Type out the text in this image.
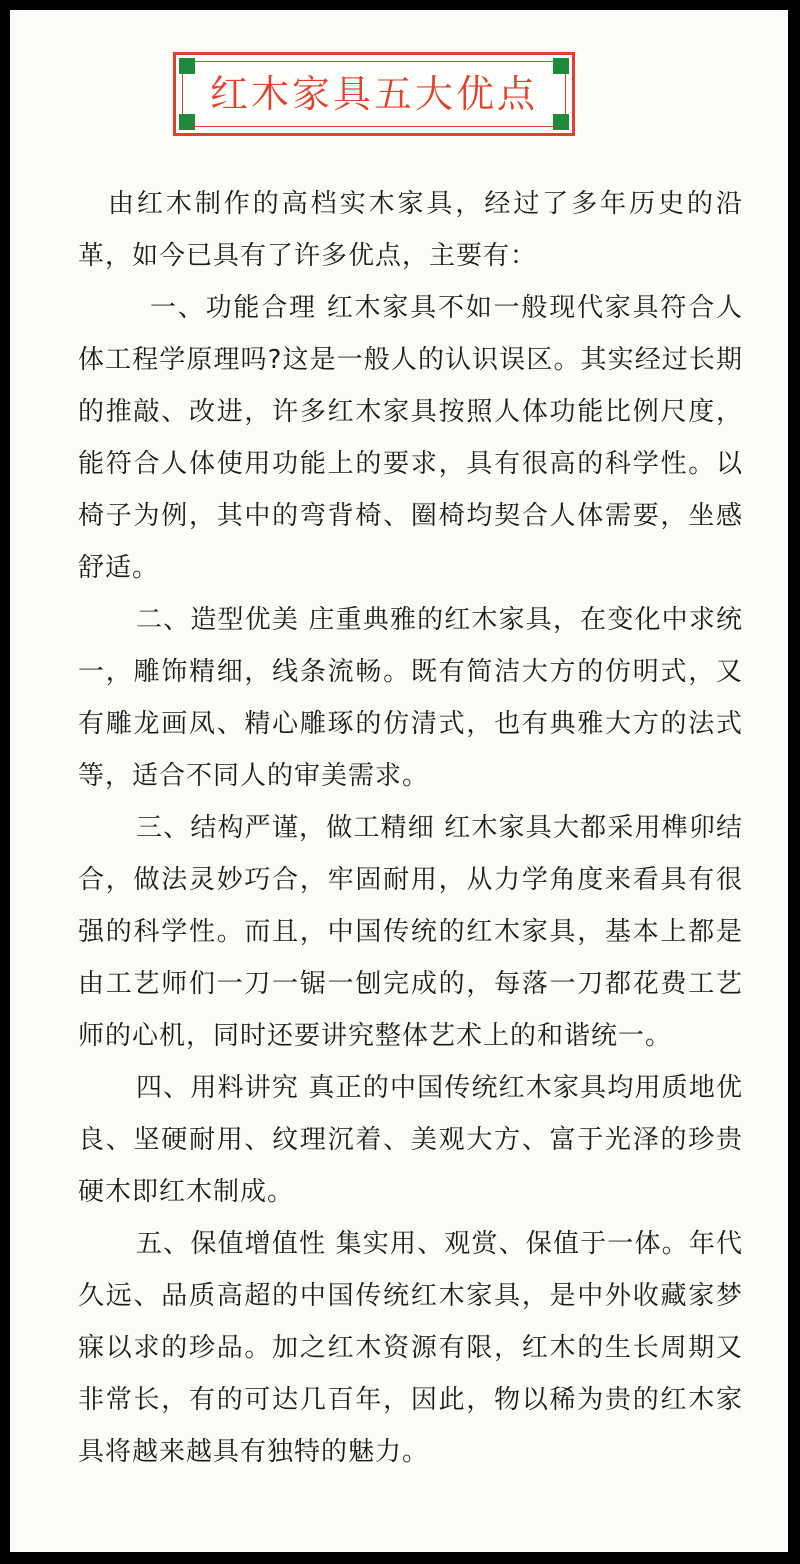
红木家具五大优点

由红木制作的高档实木家具，经过了多年历史的沿革，如今已具有了许多优点，主要有：

一、功能合理 红木家具不如一般现代家具符合人体工程学原理吗?这是一般人的认识误区。其实经过长期的推敲、改进，许多红木家具按照人体功能比例尺度，能符合人体使用功能上的要求，具有很高的科学性。以椅子为例，其中的弯背椅、圈椅均契合人体需要，坐感舒适。

二、造型优美 庄重典雅的红木家具，在变化中求统一，雕饰精细，线条流畅。既有简洁大方的仿明式，又有雕龙画凤、精心雕琢的仿清式，也有典雅大方的法式等，适合不同人的审美需求。

三、结构严谨，做工精细 红木家具大都采用榫卯结合，做法灵妙巧合，牢固耐用，从力学角度来看具有很强的科学性。而且，中国传统的红木家具，基本上都是由工艺师们一刀一锯一刨完成的，每落一刀都花费工艺师的心机，同时还要讲究整体艺术上的和谐统一。

四、用料讲究 真正的中国传统红木家具均用质地优良、坚硬耐用、纹理沉着、美观大方、富于光泽的珍贵硬木即红木制成。

五、保值增值性 集实用、观赏、保值于一体。年代久远、品质高超的中国传统红木家具，是中外收藏家梦寐以求的珍品。加之红木资源有限，红木的生长周期又非常长，有的可达几百年，因此，物以稀为贵的红木家具将越来越具有独特的魅力。
